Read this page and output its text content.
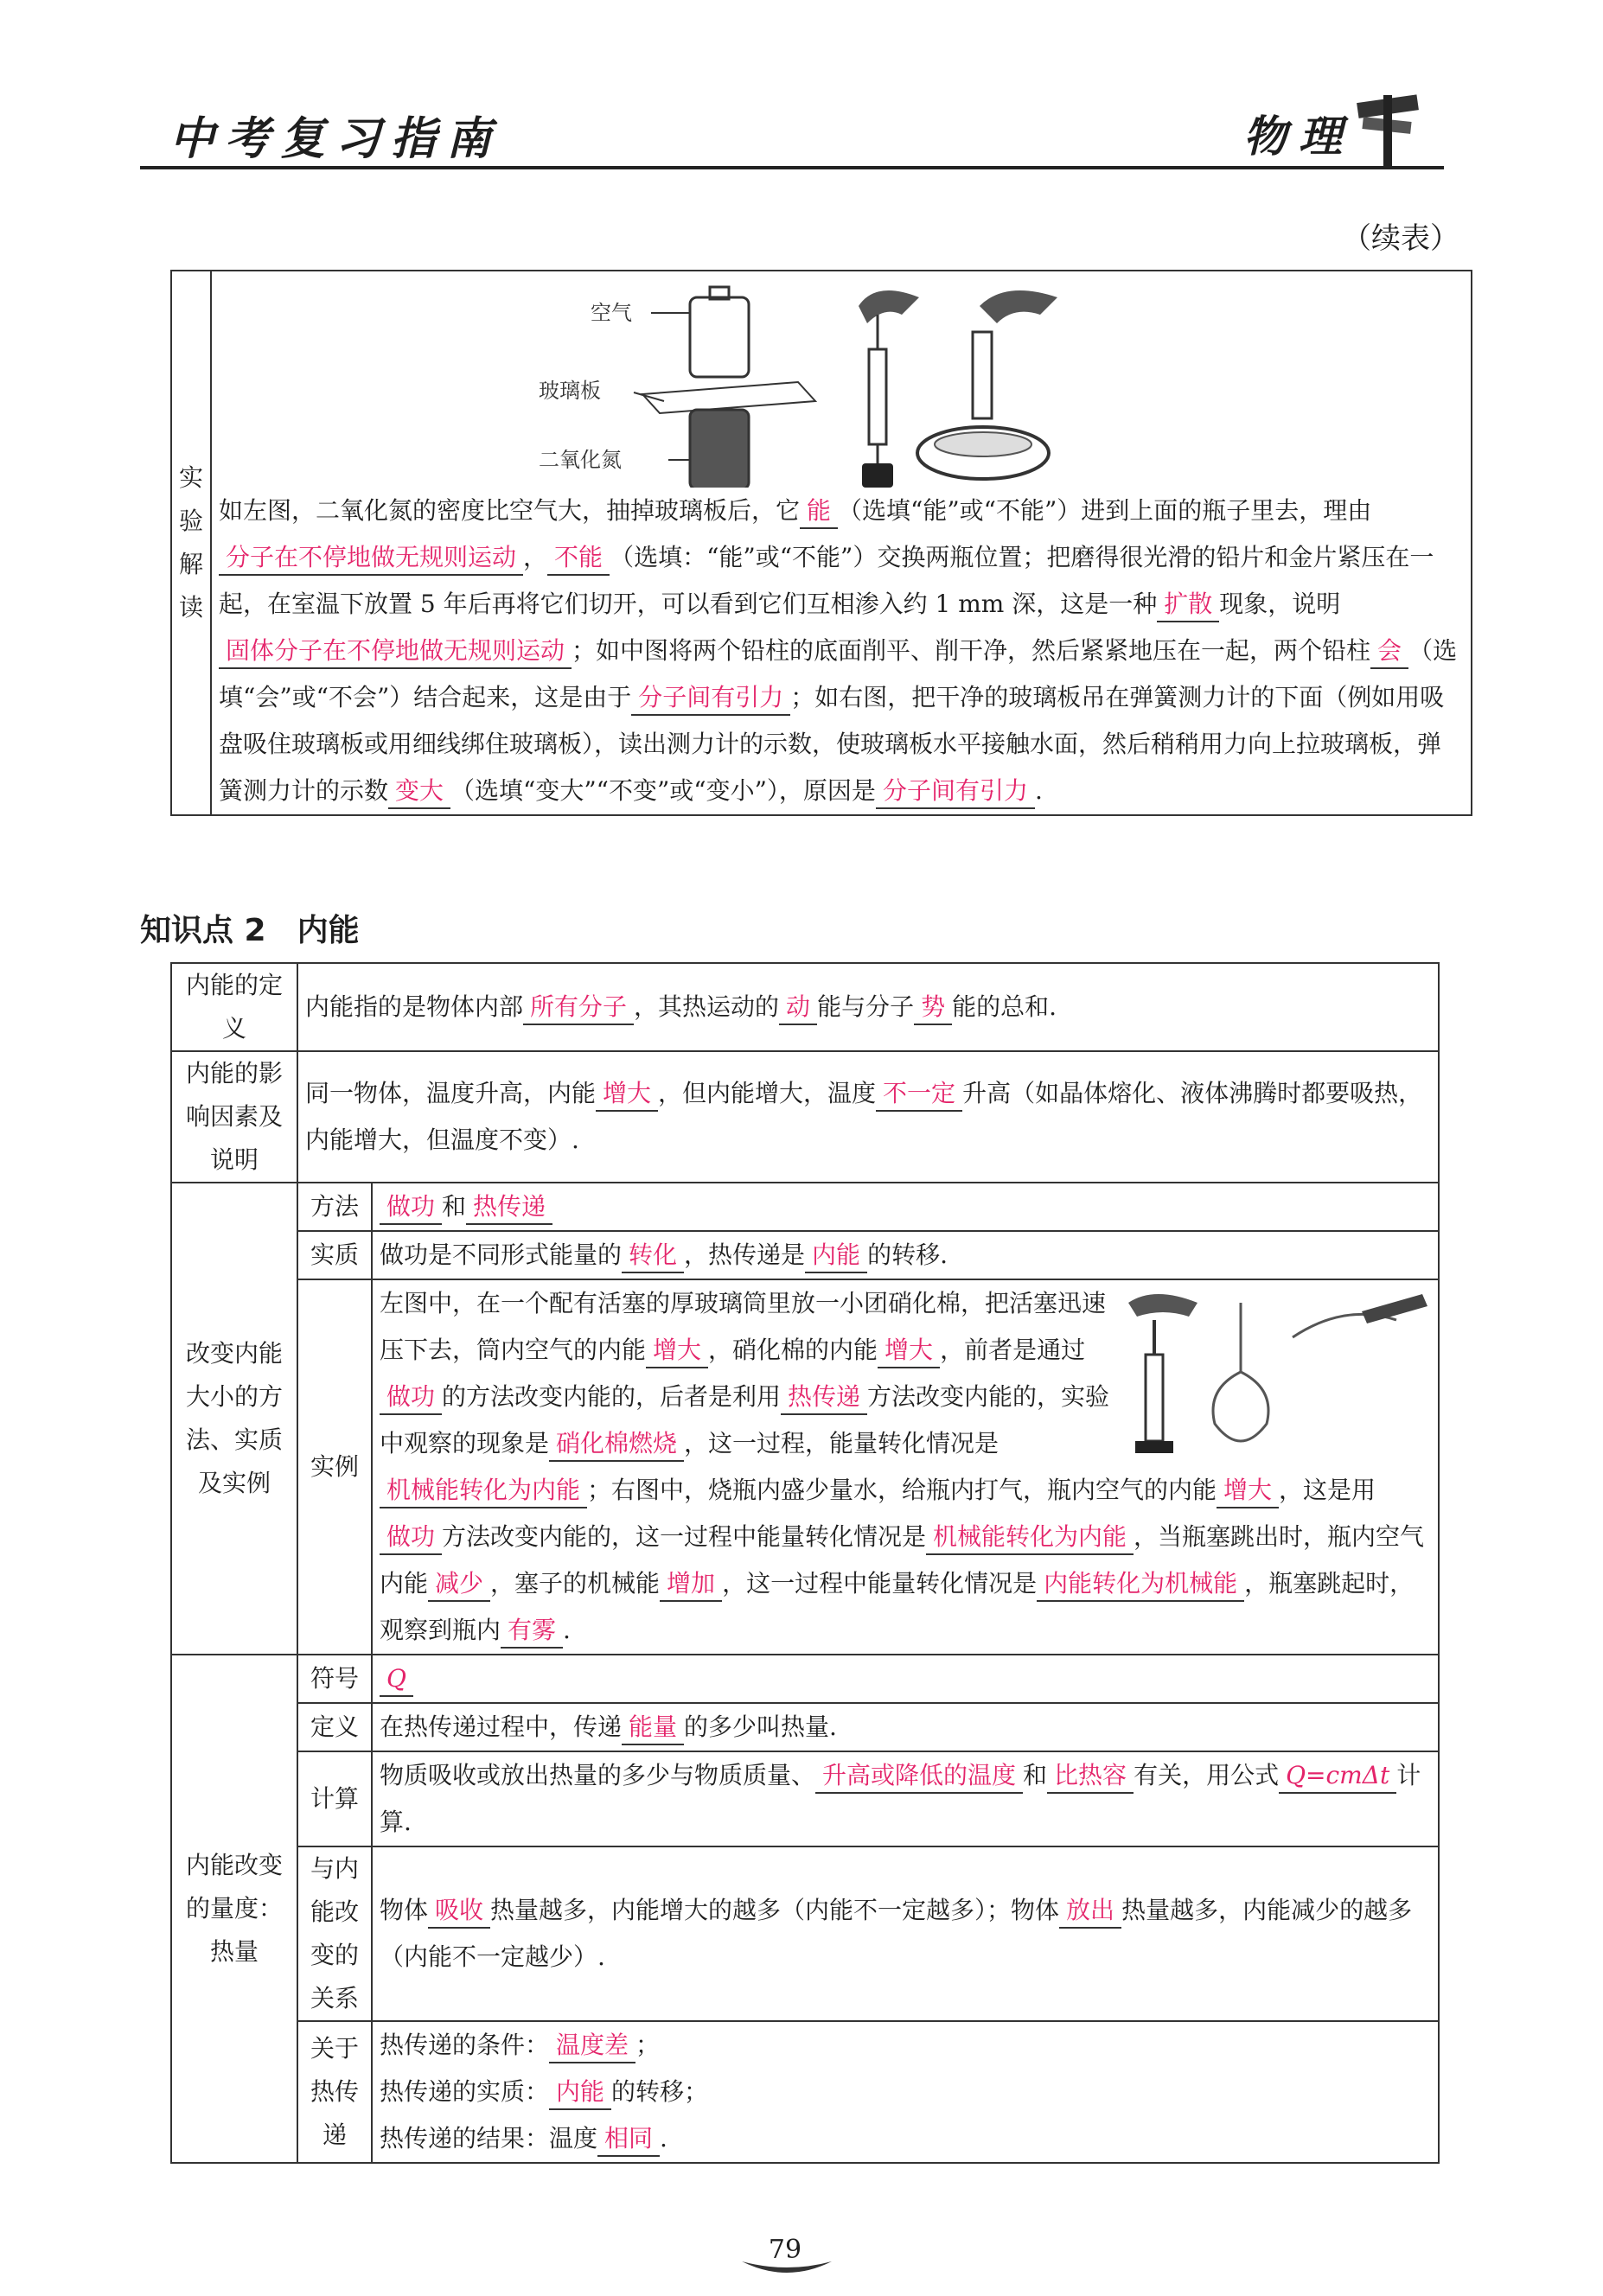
中考复习指南	物理
（续表）
实验解读	
空气
玻璃板
二氧化氮
如左图，二氧化氮的密度比空气大，抽掉玻璃板后，它 能 （选填“能”或“不能”）进到上面的瓶子里去，理由分子在不停地做无规则运动 ， 不能 （选填：“能”或“不能”）交换两瓶位置；把磨得很光滑的铅片和金片紧压在一起，在室温下放置 5 年后再将它们切开，可以看到它们互相渗入约 1 mm 深，这是一种 扩散 现象，说明固体分子在不停地做无规则运动 ；如中图将两个铅柱的底面削平、削干净，然后紧紧地压在一起，两个铅柱 会 （选填“会”或“不会”）结合起来，这是由于 分子间有引力 ；如右图，把干净的玻璃板吊在弹簧测力计的下面（例如用吸盘吸住玻璃板或用细线绑住玻璃板），读出测力计的示数，使玻璃板水平接触水面，然后稍稍用力向上拉玻璃板，弹簧测力计的示数 变大 （选填“变大”“不变”或“变小”），原因是 分子间有引力 .
知识点 2 内能
内能的定义	内能指的是物体内部 所有分子 ，其热运动的 动 能与分子 势 能的总和.	
内能的影响因素及说明	同一物体，温度升高，内能 增大 ，但内能增大，温度 不一定 升高（如晶体熔化、液体沸腾时都要吸热，内能增大，但温度不变）.	
改变内能大小的方法、实质及实例	方法	做功 和 热传递
	实质	做功是不同形式能量的 转化 ，热传递是 内能 的转移.
	实例	左图中，在一个配有活塞的厚玻璃筒里放一小团硝化棉，把活塞迅速压下去，筒内空气的内能 增大 ，硝化棉的内能 增大 ，前者是通过做功 的方法改变内能的，后者是利用 热传递 方法改变内能的，实验中观察的现象是 硝化棉燃烧 ，这一过程，能量转化情况是机械能转化为内能 ；右图中，烧瓶内盛少量水，给瓶内打气，瓶内空气的内能 增大 ，这是用做功 方法改变内能的，这一过程中能量转化情况是 机械能转化为内能 ，当瓶塞跳出时，瓶内空气内能 减少 ，塞子的机械能 增加 ，这一过程中能量转化情况是 内能转化为机械能 ，瓶塞跳起时，观察到瓶内 有雾 .
内能改变的量度：热量	符号	Q
	定义	在热传递过程中，传递 能量 的多少叫热量.
	计算	物质吸收或放出热量的多少与物质质量、 升高或降低的温度 和 比热容 有关，用公式 Q=cmΔt 计算.
	与内能改变的关系	物体 吸收 热量越多，内能增大的越多（内能不一定越多）；物体 放出 热量越多，内能减少的越多（内能不一定越少）.
	关于热传递	热传递的条件： 温度差 ；
热传递的实质： 内能 的转移；
热传递的结果：温度 相同 .
79
